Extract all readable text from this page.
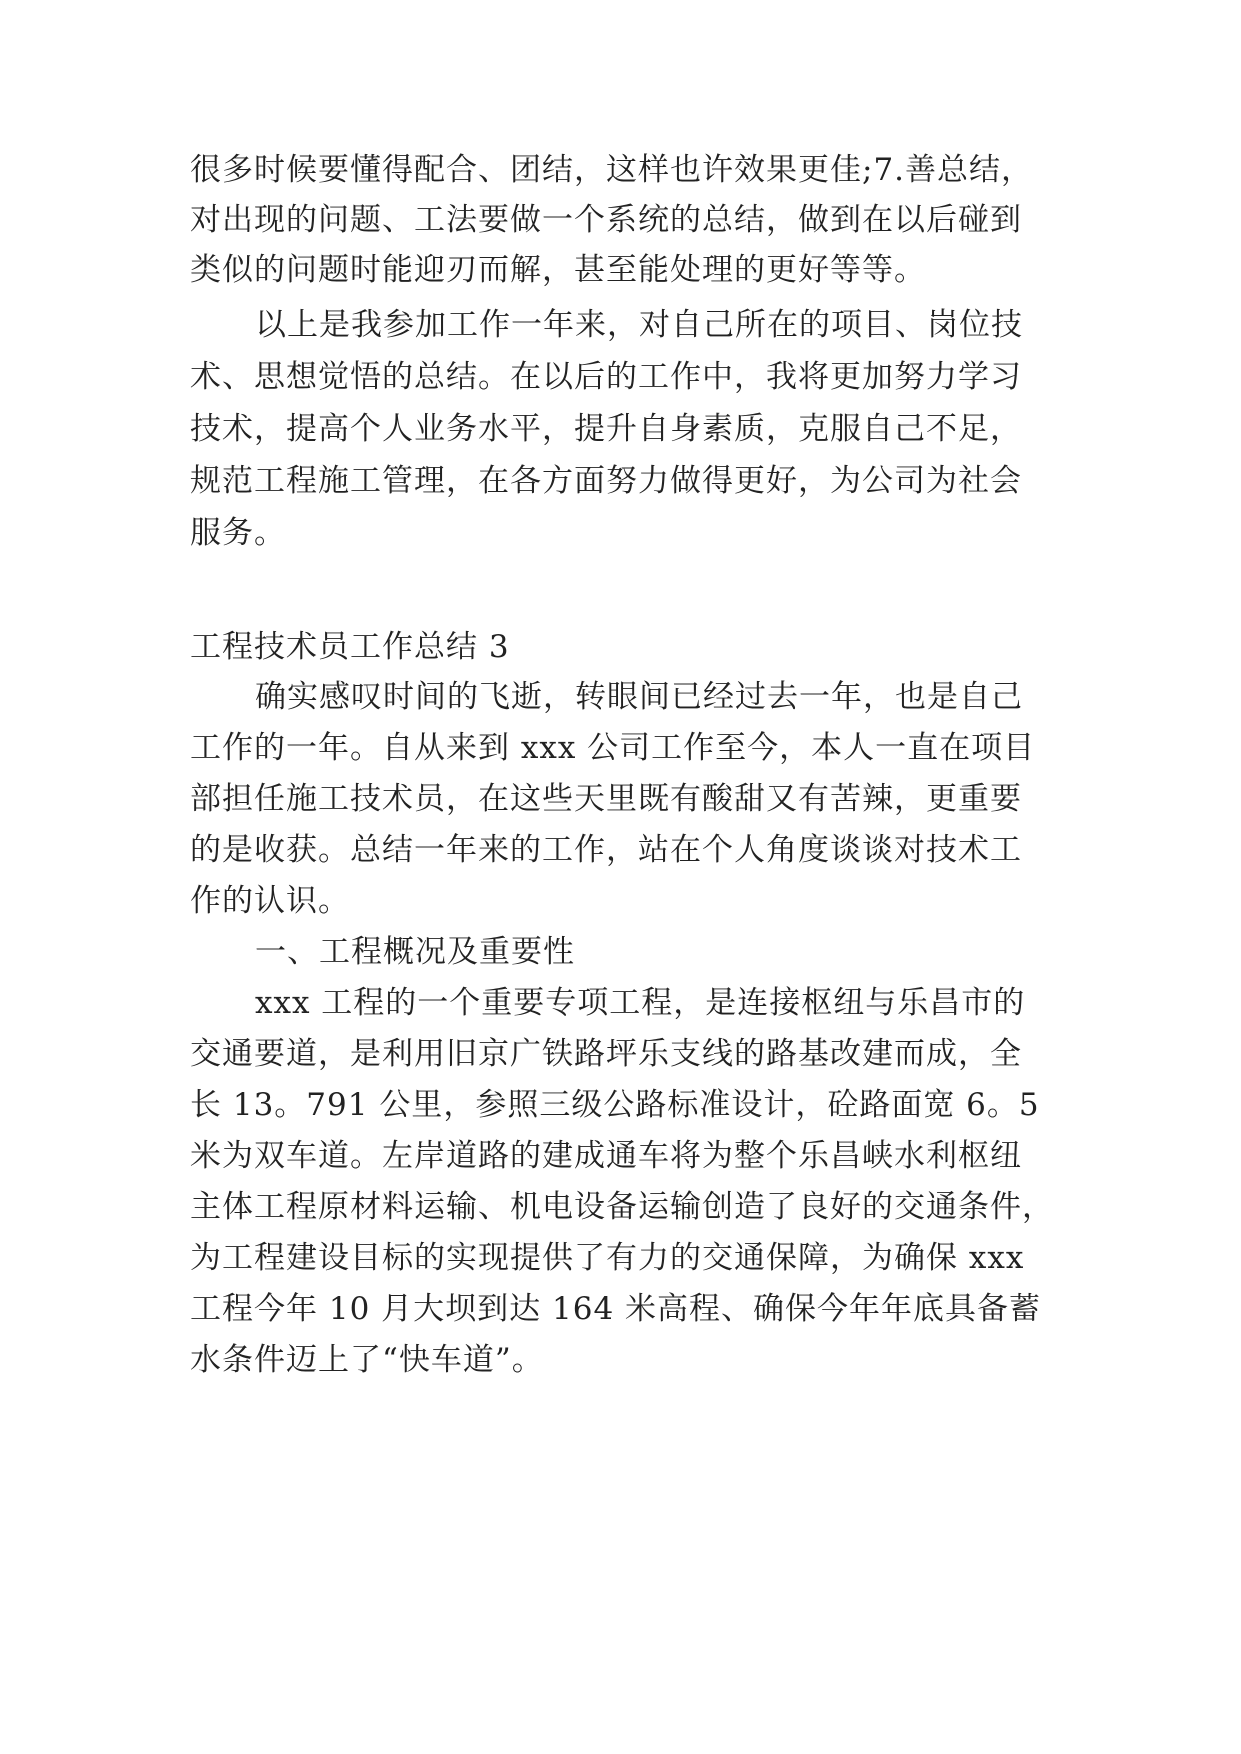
很多时候要懂得配合、团结，这样也许效果更佳;7.善总结，
对出现的问题、工法要做一个系统的总结，做到在以后碰到
类似的问题时能迎刃而解，甚至能处理的更好等等。
以上是我参加工作一年来，对自己所在的项目、岗位技
术、思想觉悟的总结。在以后的工作中，我将更加努力学习
技术，提高个人业务水平，提升自身素质，克服自己不足，
规范工程施工管理，在各方面努力做得更好，为公司为社会
服务。
工程技术员工作总结 3
确实感叹时间的飞逝，转眼间已经过去一年，也是自己
工作的一年。自从来到 xxx 公司工作至今，本人一直在项目
部担任施工技术员，在这些天里既有酸甜又有苦辣，更重要
的是收获。总结一年来的工作，站在个人角度谈谈对技术工
作的认识。
一、工程概况及重要性
xxx 工程的一个重要专项工程，是连接枢纽与乐昌市的
交通要道，是利用旧京广铁路坪乐支线的路基改建而成，全
长 13。791 公里，参照三级公路标准设计，砼路面宽 6。5
米为双车道。左岸道路的建成通车将为整个乐昌峡水利枢纽
主体工程原材料运输、机电设备运输创造了良好的交通条件，
为工程建设目标的实现提供了有力的交通保障，为确保 xxx
工程今年 10 月大坝到达 164 米高程、确保今年年底具备蓄
水条件迈上了“快车道”。
